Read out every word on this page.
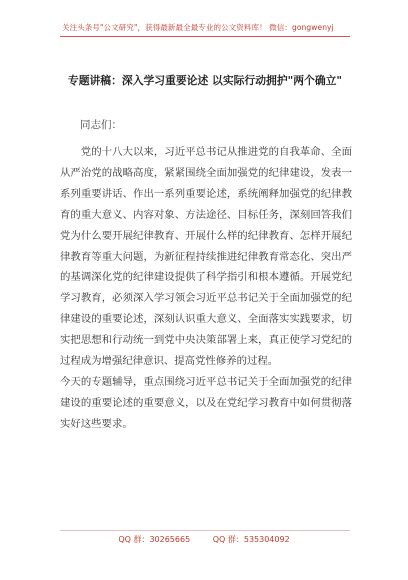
关注头条号"公文研究"，获得最新最全最专业的公文资料库！ 微信：gongwenyj
专题讲稿：深入学习重要论述 以实际行动拥护"两个确立"
同志们：

党的十八大以来，习近平总书记从推进党的自我革命、全面从严治党的战略高度，紧紧围绕全面加强党的纪律建设，发表一系列重要讲话、作出一系列重要论述，系统阐释加强党的纪律教育的重大意义、内容对象、方法途径、目标任务，深刻回答我们党为什么要开展纪律教育、开展什么样的纪律教育、怎样开展纪律教育等重大问题，为新征程持续推进纪律教育常态化、突出严的基调深化党的纪律建设提供了科学指引和根本遵循。开展党纪学习教育，必须深入学习领会习近平总书记关于全面加强党的纪律建设的重要论述，深刻认识重大意义、全面落实实践要求，切实把思想和行动统一到党中央决策部署上来，真正使学习党纪的过程成为增强纪律意识、提高党性修养的过程。

今天的专题辅导，重点围绕习近平总书记关于全面加强党的纪律建设的重要论述的重要意义，以及在党纪学习教育中如何贯彻落实好这些要求。

QQ 群：30265665	QQ 群：535304092
